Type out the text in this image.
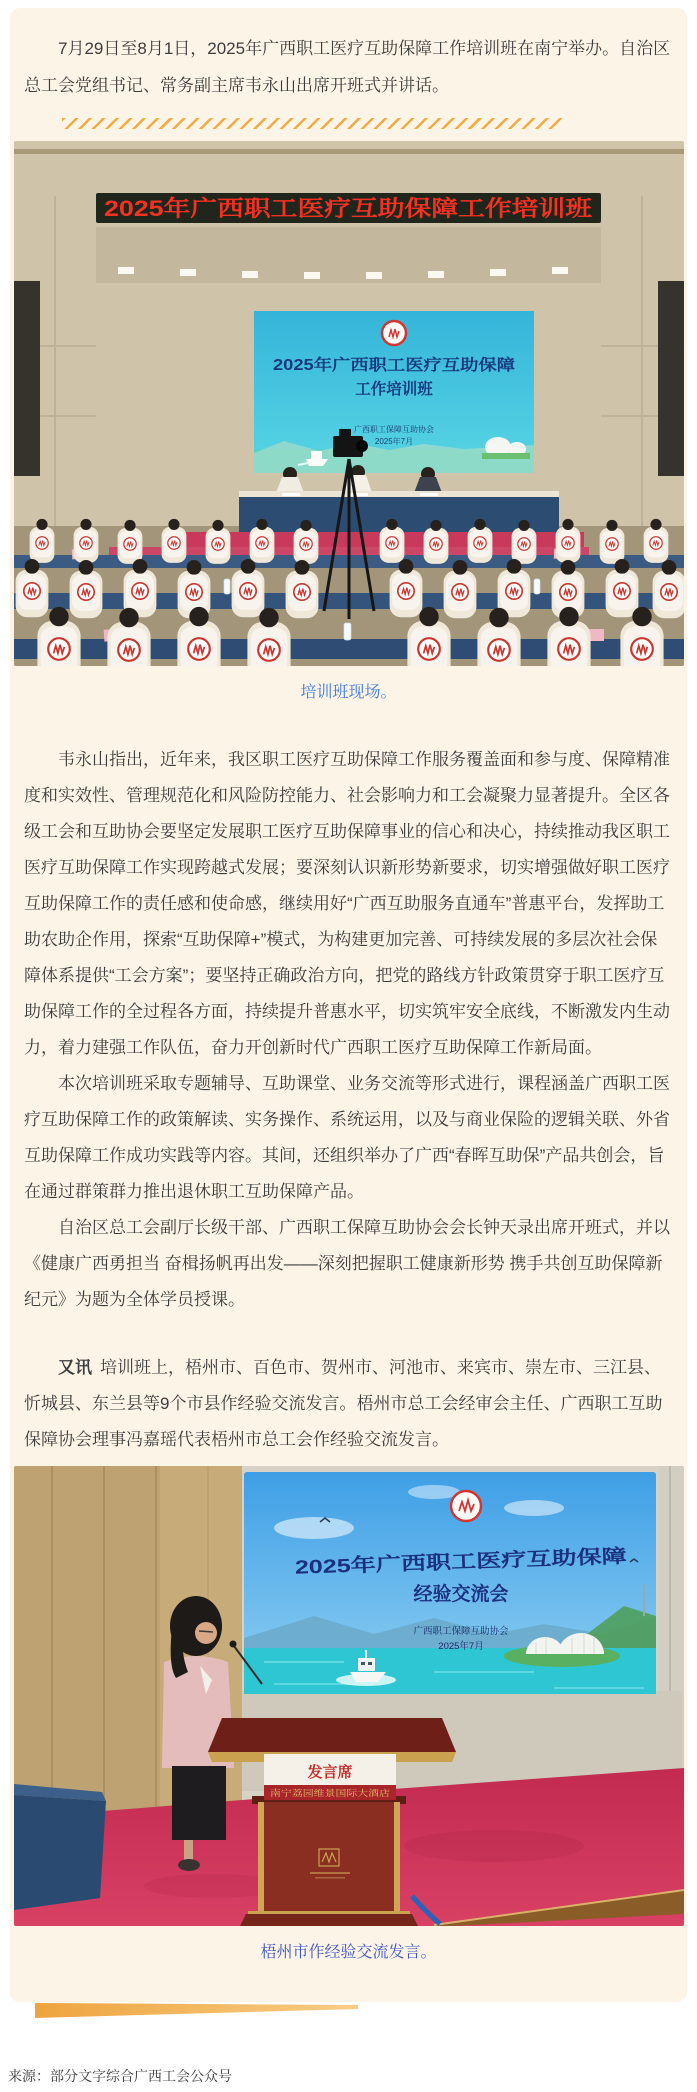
7月29日至8月1日，2025年广西职工医疗互助保障工作培训班在南宁举办。自治区总工会党组书记、常务副主席韦永山出席开班式并讲话。

2025年广西职工医疗互助保障工作培训班
2025年广西职工医疗互助保障
工作培训班
广西职工保障互助协会
2025年7月

培训班现场。

韦永山指出，近年来，我区职工医疗互助保障工作服务覆盖面和参与度、保障精准度和实效性、管理规范化和风险防控能力、社会影响力和工会凝聚力显著提升。全区各级工会和互助协会要坚定发展职工医疗互助保障事业的信心和决心，持续推动我区职工医疗互助保障工作实现跨越式发展；要深刻认识新形势新要求，切实增强做好职工医疗互助保障工作的责任感和使命感，继续用好“广西互助服务直通车”普惠平台，发挥助工助农助企作用，探索“互助保障+”模式，为构建更加完善、可持续发展的多层次社会保障体系提供“工会方案”；要坚持正确政治方向，把党的路线方针政策贯穿于职工医疗互助保障工作的全过程各方面，持续提升普惠水平，切实筑牢安全底线，不断激发内生动力，着力建强工作队伍，奋力开创新时代广西职工医疗互助保障工作新局面。

本次培训班采取专题辅导、互助课堂、业务交流等形式进行，课程涵盖广西职工医疗互助保障工作的政策解读、实务操作、系统运用，以及与商业保险的逻辑关联、外省互助保障工作成功实践等内容。其间，还组织举办了广西“春晖互助保”产品共创会，旨在通过群策群力推出退休职工互助保障产品。

自治区总工会副厅长级干部、广西职工保障互助协会会长钟天录出席开班式，并以《健康广西勇担当 奋楫扬帆再出发——深刻把握职工健康新形势 携手共创互助保障新纪元》为题为全体学员授课。

又讯 培训班上，梧州市、百色市、贺州市、河池市、来宾市、崇左市、三江县、忻城县、东兰县等9个市县作经验交流发言。梧州市总工会经审会主任、广西职工互助保障协会理事冯嘉瑶代表梧州市总工会作经验交流发言。

2025年广西职工医疗互助保障
经验交流会
广西职工保障互助协会
2025年7月
发言席
南宁荔园维景国际大酒店

梧州市作经验交流发言。

来源：部分文字综合广西工会公众号
